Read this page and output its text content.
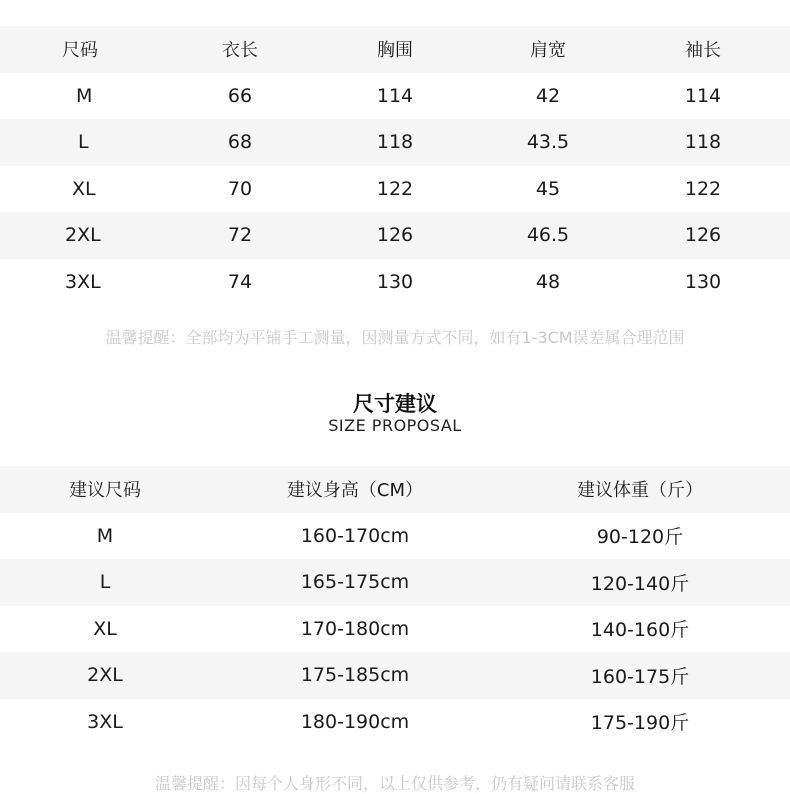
尺码	衣长	胸围	肩宽	袖长
M	66	114	42	114
L	68	118	43.5	118
XL	70	122	45	122
2XL	72	126	46.5	126
3XL	74	130	48	130
温馨提醒：全部均为平铺手工测量，因测量方式不同，如有1-3CM误差属合理范围
尺寸建议
SIZE PROPOSAL
建议尺码	建议身高（CM）	建议体重（斤）
M	160-170cm	90-120斤
L	165-175cm	120-140斤
XL	170-180cm	140-160斤
2XL	175-185cm	160-175斤
3XL	180-190cm	175-190斤
温馨提醒：因每个人身形不同，以上仅供参考，仍有疑问请联系客服
